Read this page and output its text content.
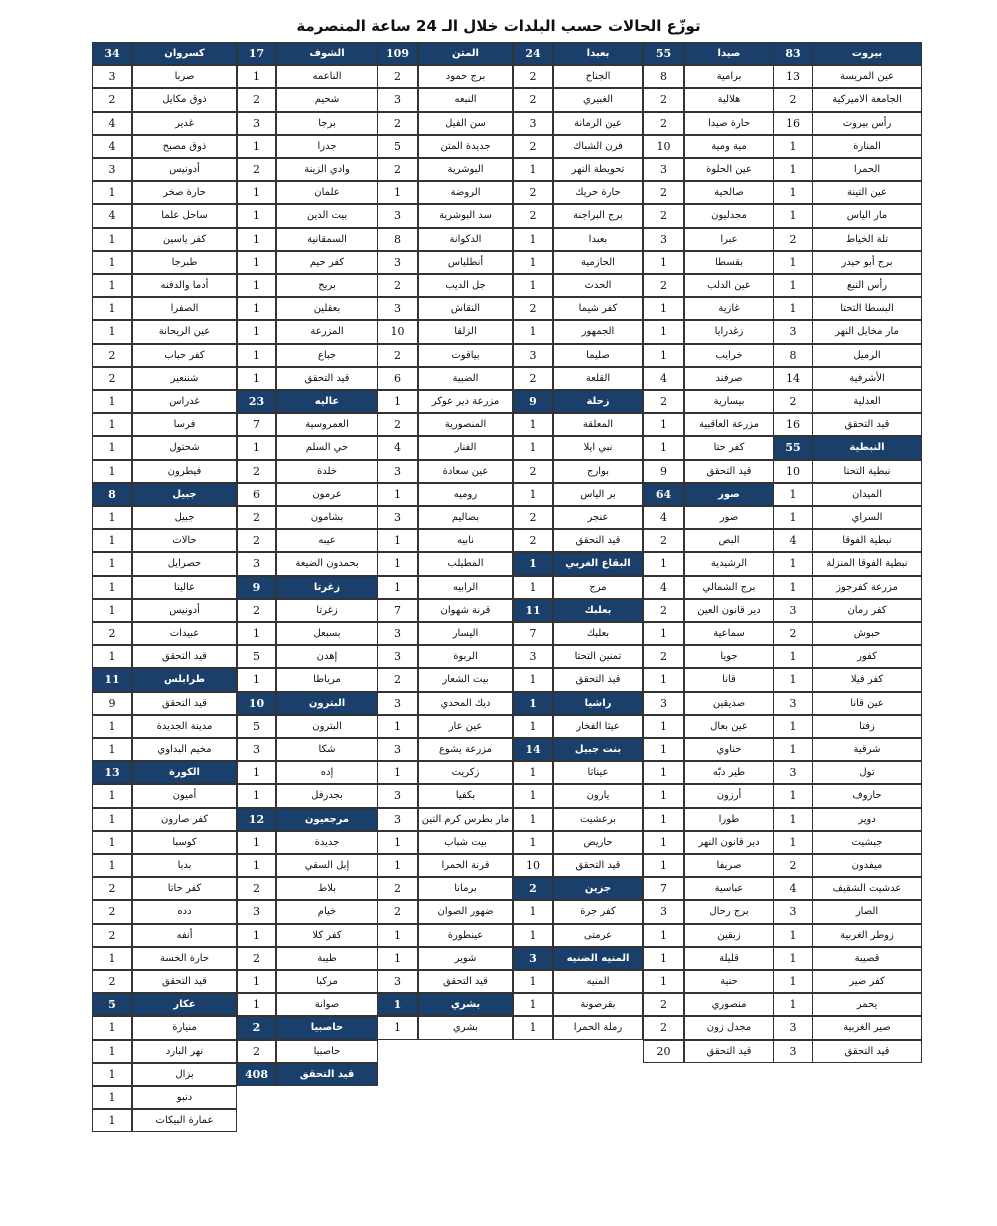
توزّع الحالات حسب البلدات خلال الـ 24 ساعة المنصرمة
بيروت
83
عين المريسة
13
الجامعة الاميركية
2
رأس بيروت
16
المنارة
1
الحمرا
1
عين التينة
1
مار الياس
1
تلة الخياط
2
برج أبو حيدر
1
رأس النبع
1
البسطا التحتا
1
مار مخايل النهر
3
الرميل
8
الأشرفية
14
العدلية
2
قيد التحقق
16
النبطية
55
نبطية التحتا
10
الميدان
1
السراي
1
نبطية الفوقا
4
نبطية الفوقا المنزلة
1
مزرعة كفرجوز
1
كفر رمان
3
حبوش
2
كفور
1
كفر فيلا
1
عين قانا
3
زفتا
1
شرقية
1
تول
3
حاروف
1
دوير
1
جبشيت
1
ميفدون
2
عدشيت الشقيف
4
الصار
3
زوطر الغربية
1
قصيبة
1
كفر صير
1
يحمر
1
صير الغربية
3
قيد التحقق
3
صيدا
55
برامية
8
هلالية
2
حارة صيدا
2
مية ومية
10
عين الحلوة
3
صالحية
2
مجدليون
2
عبرا
3
بقسطا
1
عين الدلب
2
غازية
1
زغدرايا
1
خرايب
1
صرفند
4
بيسارية
2
مزرعة العاقبية
1
كفر حتا
1
قيد التحقق
9
صور
64
صور
4
البص
2
الرشيدية
1
برج الشمالي
4
دير قانون العين
2
سماعية
1
جويا
2
قانا
1
صديقين
3
عين بعال
1
حناوي
1
طير دبّه
1
أرزون
1
طورا
1
دير قانون النهر
1
صريفا
1
عباسية
7
برج رحال
3
زبقين
1
قليلة
1
حنية
1
منصوري
2
مجدل زون
2
قيد التحقق
20
بعبدا
24
الجناح
2
الغبيري
2
عين الرمانة
3
فرن الشباك
2
تحويطة النهر
1
حارة حريك
2
برج البراجنة
2
بعبدا
1
الحازمية
1
الحدث
1
كفر شيما
2
الجمهور
1
صليما
3
القلعة
2
زحلة
9
المعلقة
1
نبي ايلا
1
بوارج
2
بر الياس
1
عنجر
2
قيد التحقق
2
البقاع الغربي
1
مرج
1
بعلبك
11
بعلبك
7
تمنين التحتا
3
قيد التحقق
1
راشيا
1
عيثا الفخار
1
بنت جبيل
14
عيناثا
1
يارون
1
برعشيت
1
حاريص
1
قيد التحقق
10
جزين
2
كفر جرة
1
عرمتى
1
المنيه الضنيه
3
المنيه
1
بقرصونة
1
رملة الحمرا
1
المتن
109
برج حمود
2
النبعه
3
سن الفيل
2
جديدة المتن
5
البوشرية
2
الروضة
1
سد البوشرية
3
الدكوانة
8
أنطلياس
3
جل الديب
2
النقاش
3
الزلقا
10
بياقوت
2
الضبية
6
مزرعة دير عوكر
1
المنصورية
2
الفنار
4
عين سعادة
3
روميه
1
بصاليم
3
نابيه
1
المطيلب
1
الرابيه
1
قرنة شهوان
7
اليسار
3
الربوة
3
بيت الشعار
2
ديك المحدي
3
عين عار
1
مزرعة يشوع
3
زكريت
1
بكفيا
3
مار بطرس كرم التين
3
بيت شباب
1
قرنة الحمرا
1
برمانا
2
ضهور الصوان
2
عينطورة
1
شوير
1
قيد التحقق
3
بشري
1
بشري
1
الشوف
17
الناعمه
1
شحيم
2
برجا
3
جدرا
1
وادي الزينة
2
علمان
1
بيت الدين
1
السمقانية
1
كفر حيم
1
بريح
1
بعقلين
1
المزرعة
1
جباع
1
قيد التحقق
1
عاليه
23
العمروسية
7
حي السلم
1
خلدة
2
عرمون
6
بشامون
2
عيبه
2
بحمدون الضيعة
3
زغرتا
9
زغرتا
2
بسبعل
1
إهدن
5
مرياطا
1
البترون
10
البترون
5
شكا
3
إده
1
بجدرفل
1
مرجعيون
12
جديدة
1
إبل السقي
1
بلاط
2
خيام
3
كفر كلا
1
طيبة
2
مركبا
1
صوانة
1
حاصبيا
2
حاصبيا
2
قيد التحقق
408
كسروان
34
صربا
3
ذوق مكايل
2
غدير
4
ذوق مصبح
4
أدونيس
3
حارة صخر
1
ساحل علما
4
كفر ياسين
1
طبرجا
1
أدما والدفنه
1
الصفرا
1
عين الريحانة
1
كفر حباب
2
شننعير
2
غدراس
1
فرسا
1
شحتول
1
فيطرون
1
جبيل
8
جبيل
1
حالات
1
حصرايل
1
عاليتا
1
أدونيس
1
عبيدات
2
قيد التحقق
1
طرابلس
11
قيد التحقق
9
مدينة الجديدة
1
مخيم البداوي
1
الكورة
13
أميون
1
كفر صارون
1
كوسبا
1
بدبا
1
كفر حاتا
2
دده
2
أنفه
2
حارة الخسة
1
قيد التحقق
2
عكار
5
منيارة
1
نهر البارد
1
بزال
1
دنبو
1
عمارة البيكات
1
